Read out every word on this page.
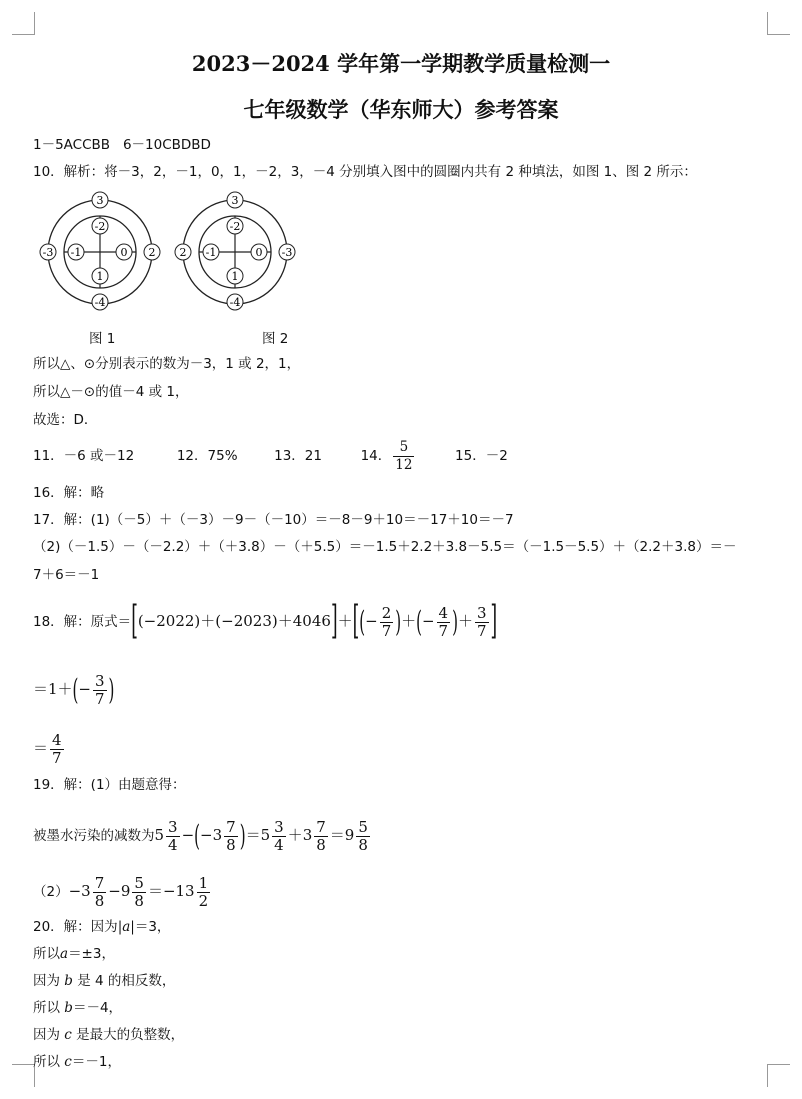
2023－2024 学年第一学期教学质量检测一
七年级数学（华东师大）参考答案
1－5ACCBB 6－10CBDBD
10．解析：将－3，2，－1，0，1，－2，3，－4 分别填入图中的圆圈内共有 2 种填法，如图 1、图 2 所示：
3
-3	2
-4
-2
-1	0
1
图 1
3
2	-3
-4
-2
-1	0
1
图 2
所以△、⊙分别表示的数为－3，1 或 2，1，
所以△－⊙的值－4 或 1，
故选：D．
11．－6 或－12	12．75%	13．21	14． $\frac{5}{12}$	15．－2
16．解：略
17．解：(1)（－5）＋（－3）－9－（－10）＝－8－9＋10＝－17＋10＝－7
（2)（－1.5）－（－2.2）＋（＋3.8）－（＋5.5）＝－1.5＋2.2＋3.8－5.5＝（－1.5－5.5）＋（2.2＋3.8）＝－
7＋6＝－1
18．解：原式$=[(-2022)+(-2023)+4046]+[(- \frac{2}{7}$ )＋(− $\frac{4}{7}$ )＋ $\frac{3}{7}$ ]
$=1+(- \frac{3}{7}$ )
＝ $\frac{4}{7}$
19．解：(1）由题意得：
被墨水污染的减数为$5 \frac{3}{4} -(-3 \frac{7}{8} )=5 \frac{3}{4} +3 \frac{7}{8} =9 \frac{5}{8}$
$(2)-3 \frac{7}{8} -9 \frac{5}{8} =-13 \frac{1}{2}$
20．解：因为|a|＝3，
所以a＝±3，
因为 b 是 4 的相反数，
所以 b＝－4，
因为 c 是最大的负整数，
所以 c＝－1，
